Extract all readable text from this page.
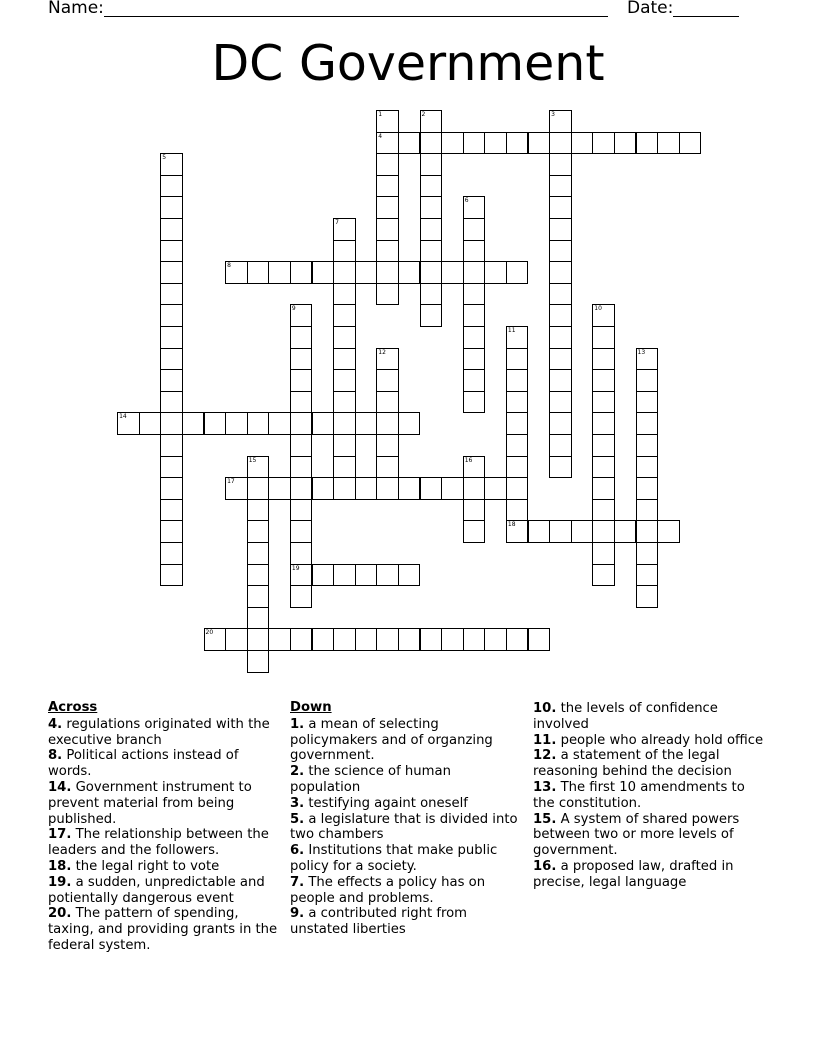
Name:	Date:
DC Government
4
8
14
17
18
19
20
1	2	3
5
6
7
9	10
11
12	13
15	16
Across
4. regulations originated with the executive branch
8. Political actions instead of words.
14. Government instrument to prevent material from being published.
17. The relationship between the leaders and the followers.
18. the legal right to vote
19. a sudden, unpredictable and potientally dangerous event
20. The pattern of spending, taxing, and providing grants in the federal system.
Down
1. a mean of selecting policymakers and of organzing government.
2. the science of human population
3. testifying againt oneself
5. a legislature that is divided into two chambers
6. Institutions that make public policy for a society.
7. The effects a policy has on people and problems.
9. a contributed right from unstated liberties
10. the levels of confidence involved
11. people who already hold office
12. a statement of the legal reasoning behind the decision
13. The first 10 amendments to the constitution.
15. A system of shared powers between two or more levels of government.
16. a proposed law, drafted in precise, legal language
